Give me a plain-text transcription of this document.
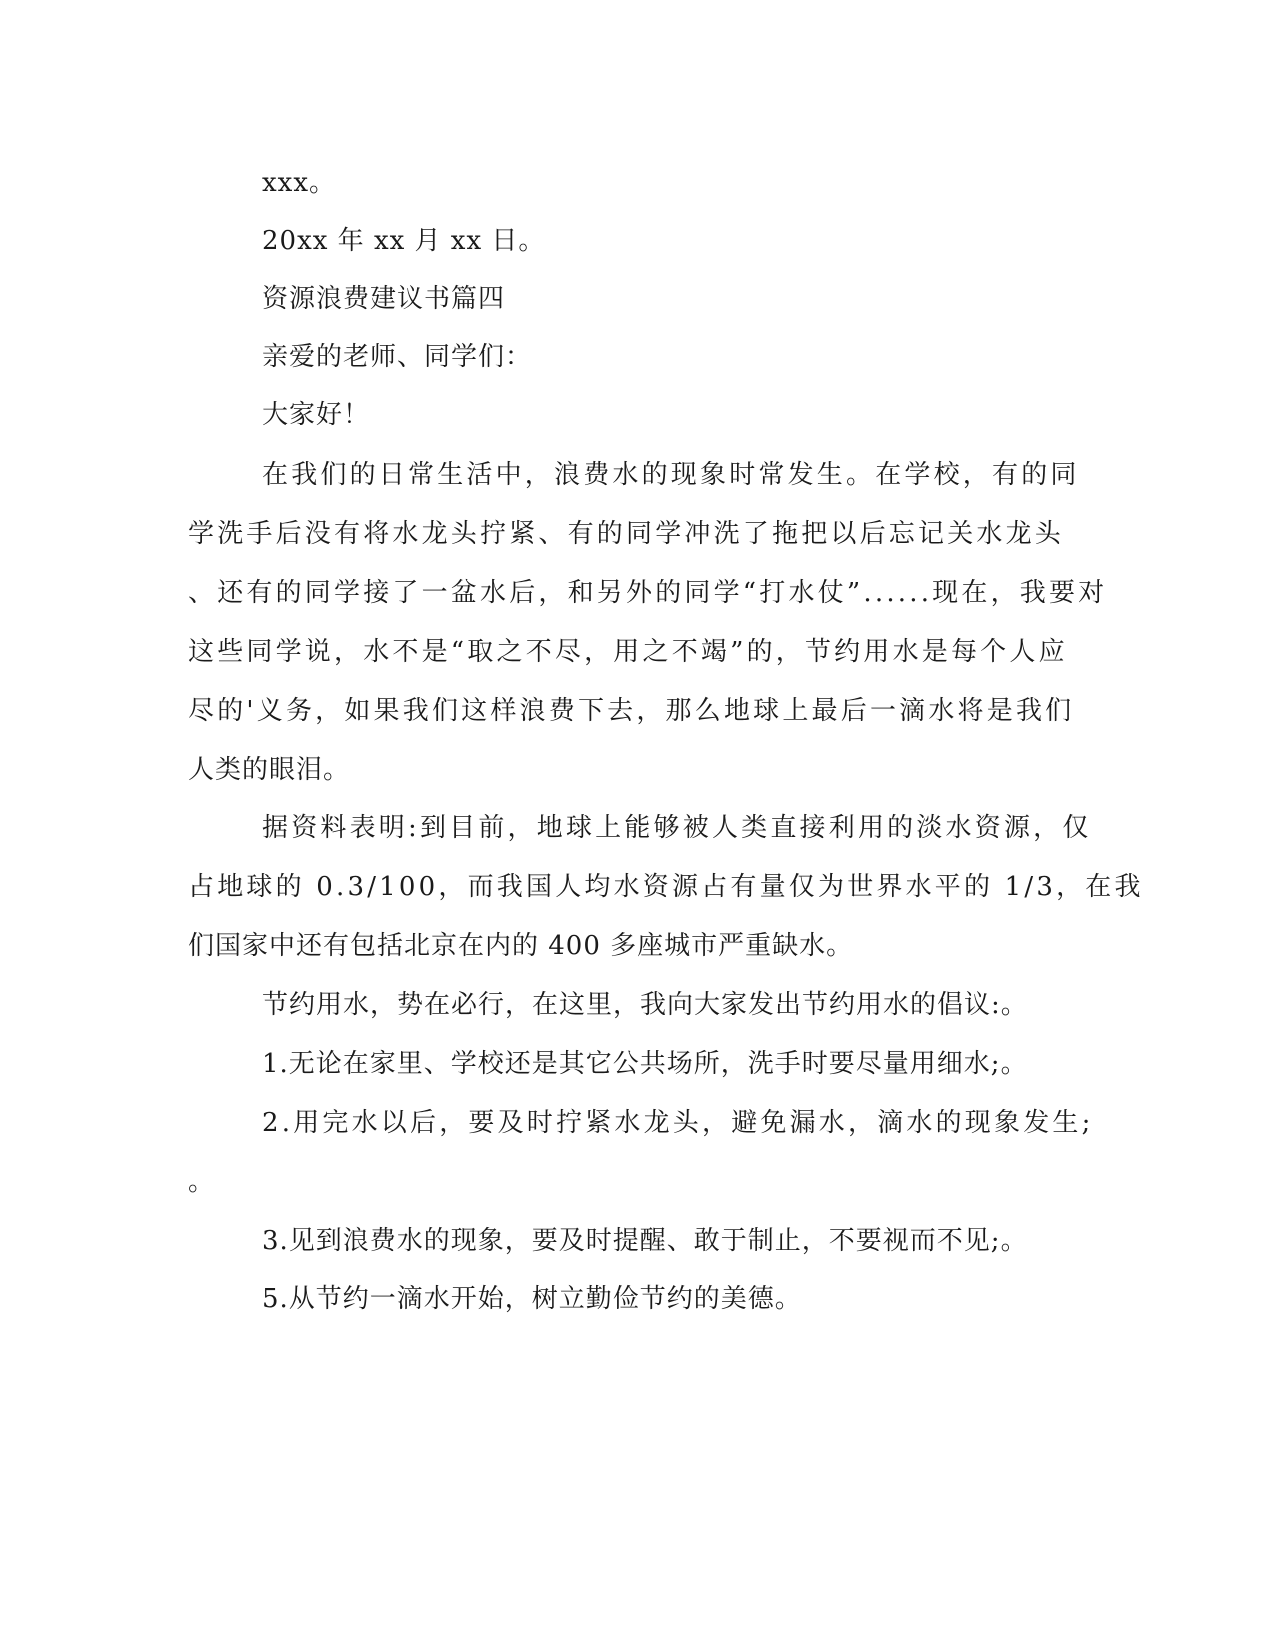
xxx。
20xx 年 xx 月 xx 日。
资源浪费建议书篇四
亲爱的老师、同学们：
大家好！
在我们的日常生活中，浪费水的现象时常发生。在学校，有的同
学洗手后没有将水龙头拧紧、有的同学冲洗了拖把以后忘记关水龙头
、还有的同学接了一盆水后，和另外的同学“打水仗”......现在，我要对
这些同学说，水不是“取之不尽，用之不竭”的，节约用水是每个人应
尽的'义务，如果我们这样浪费下去，那么地球上最后一滴水将是我们
人类的眼泪。
据资料表明:到目前，地球上能够被人类直接利用的淡水资源，仅
占地球的 0.3/100，而我国人均水资源占有量仅为世界水平的 1/3，在我
们国家中还有包括北京在内的 400 多座城市严重缺水。
节约用水，势在必行，在这里，我向大家发出节约用水的倡议:。
1.无论在家里、学校还是其它公共场所，洗手时要尽量用细水;。
2.用完水以后，要及时拧紧水龙头，避免漏水，滴水的现象发生;
。
3.见到浪费水的现象，要及时提醒、敢于制止，不要视而不见;。
5.从节约一滴水开始，树立勤俭节约的美德。
